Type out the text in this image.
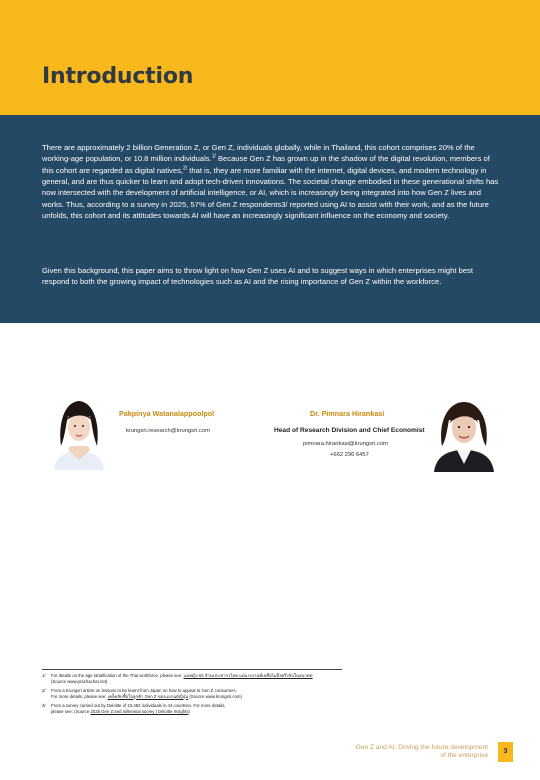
Introduction

There are approximately 2 billion Generation Z, or Gen Z, individuals globally, while in Thailand, this cohort comprises 20% of the working-age population, or 10.8 million individuals.$^{1/}$ Because Gen Z has grown up in the shadow of the digital revolution, members of this cohort are regarded as digital natives,$^{2/}$ that is, they are more familiar with the internet, digital devices, and modern technology in general, and are thus quicker to learn and adopt tech-driven innovations. The societal change embodied in these generational shifts has now intersected with the development of artificial intelligence, or AI, which is increasingly being integrated into how Gen Z lives and works. Thus, according to a survey in 2025, 57% of Gen Z respondents3/ reported using AI to assist with their work, and as the future unfolds, this cohort and its attitudes towards AI will have an increasingly significant influence on the economy and society.

Given this background, this paper aims to throw light on how Gen Z uses AI and to suggest ways in which enterprises might best respond to both the growing impact of technologies such as AI and the rising importance of Gen Z within the workforce.

Pakpinya Watanalappoolpol
krungsri.research@krungsri.com
Dr. Pimnara Hirankasi
Head of Research Division and Chief Economist
pimnara.hirankasi@krungsri.com
+662 296 6457
1/ For details on the age stratification of the Thai workforce, please see: แม่หญิง 63 ล้านประชากรไทย แต่แรงงานที่เหลือไม่ถึงครึ่งกับในอนาคต
(Source www.prachachat.net)
2/ From a Krungsri article on lessons to be learnt from Japan on how to appeal to Gen Z consumers.
For more details, please see: เคล็ดลับซื้อใจลูกค้า Gen Z ของแบรนด์ญี่ปุ่น (Source www.krungsri.com)
3/ From a survey carried out by Deloitte of 23,482 individuals in 44 countries. For more details,
please see: (Source 2025 Gen Z and millennial survey | Deloitte Insights)
Gen Z and AI: Driving the future development
of the enterprise
3
